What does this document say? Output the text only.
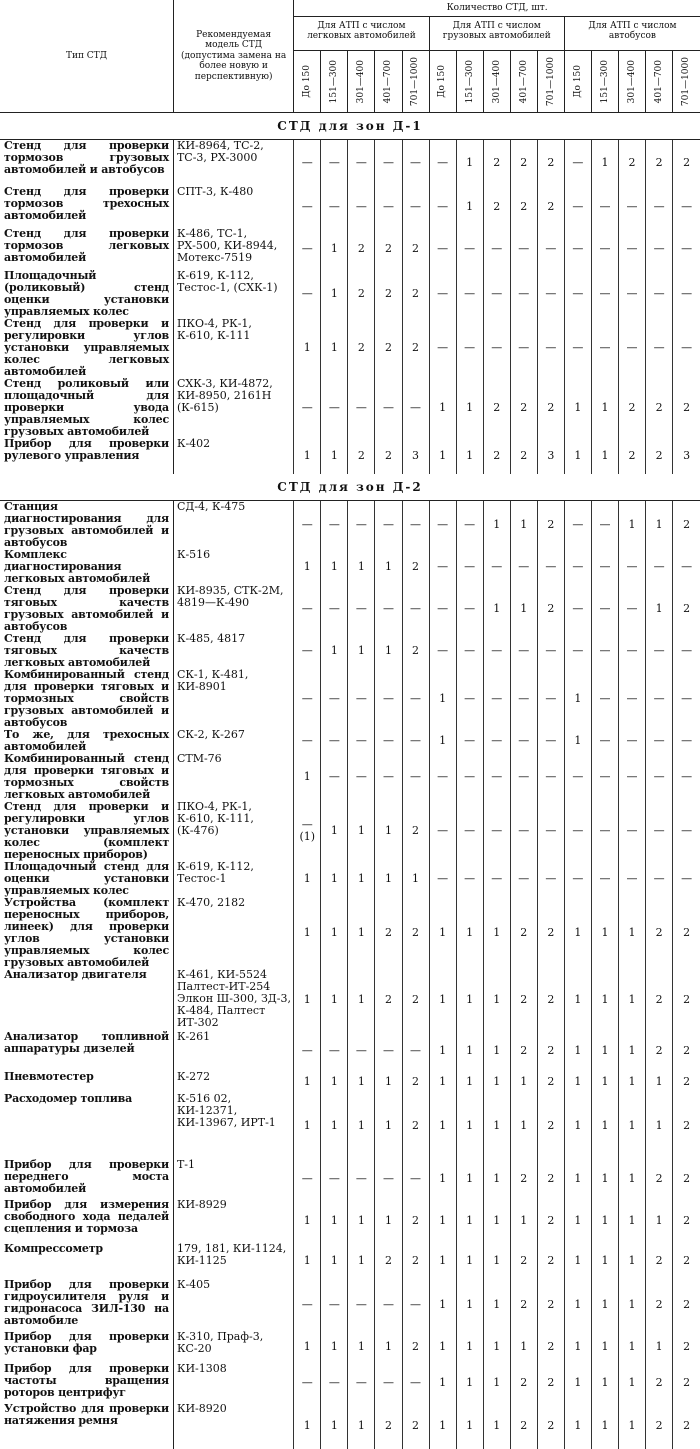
Тип СТД	Рекомендуемая модель СТД (допустима замена на более новую и перспективную)	Количество СТД, шт.														
		Для АТП с числом легковых автомобилей					Для АТП с числом грузовых автомобилей					Для АТП с числом автобусов				

		До 150	151—300	301—400	401—700	701—1000	До 150	151—300	301—400	401—700	701—1000	До 150	151—300	301—400	401—700	701—1000

СТД для зон Д-1																
Стенд для проверки тормозов грузовых автомобилей и автобусов	КИ-8964, ТС-2, ТС-3, РХ-3000	—	—	—	—	—	—	1	2	2	2	—	1	2	2	2
Стенд для проверки тормозов трехосных автомобилей	СПТ-3, К-480	—	—	—	—	—	—	1	2	2	2	—	—	—	—	—
Стенд для проверки тормозов легковых автомобилей	К-486, ТС-1, РХ-500, КИ-8944, Мотекс-7519	—	1	2	2	2	—	—	—	—	—	—	—	—	—	—
Площадочный (роликовый) стенд оценки установки управляемых колес	К-619, К-112, Тестос-1, (СХК-1)	—	1	2	2	2	—	—	—	—	—	—	—	—	—	—
Стенд для проверки и регулировки углов установки управляемых колес легковых автомобилей	ПКО-4, РК-1, К-610, К-111	1	1	2	2	2	—	—	—	—	—	—	—	—	—	—
Стенд роликовый или площадочный для проверки увода управляемых колес грузовых автомобилей	СХК-3, КИ-4872, КИ-8950, 2161Н (К-615)	—	—	—	—	—	1	1	2	2	2	1	1	2	2	2
Прибор для проверки рулевого управления	К-402	1	1	2	2	3	1	1	2	2	3	1	1	2	2	3
СТД для зон Д-2																
Станция диагностирования для грузовых автомобилей и автобусов	СД-4, К-475	—	—	—	—	—	—	—	1	1	2	—	—	1	1	2
Комплекс диагностирования легковых автомобилей	К-516	1	1	1	1	2	—	—	—	—	—	—	—	—	—	—
Стенд для проверки тяговых качеств грузовых автомобилей и автобусов	КИ-8935, СТК-2М, 4819—К-490	—	—	—	—	—	—	—	1	1	2	—	—	—	1	2
Стенд для проверки тяговых качеств легковых автомобилей	К-485, 4817	—	1	1	1	2	—	—	—	—	—	—	—	—	—	—
Комбинированный стенд для проверки тяговых и тормозных свойств грузовых автомобилей и автобусов	СК-1, К-481, КИ-8901	—	—	—	—	—	1	—	—	—	—	1	—	—	—	—
То же, для трехосных автомобилей	СК-2, К-267	—	—	—	—	—	1	—	—	—	—	1	—	—	—	—
Комбинированный стенд для проверки тяговых и тормозных свойств легковых автомобилей	СТМ-76	1	—	—	—	—	—	—	—	—	—	—	—	—	—	—
Стенд для проверки и регулировки углов установки управляемых колес (комплект переносных приборов)	ПКО-4, РК-1, К-610, К-111, (К-476)	— (1)	1	1	1	2	—	—	—	—	—	—	—	—	—	—
Площадочный стенд для оценки установки управляемых колес	К-619, К-112, Тестос-1	1	1	1	1	1	—	—	—	—	—	—	—	—	—	—
Устройства (комплект переносных приборов, линеек) для проверки углов установки управляемых колес грузовых автомобилей	К-470, 2182	1	1	1	2	2	1	1	1	2	2	1	1	1	2	2
Анализатор двигателя	К-461, КИ-5524 Палтест-ИТ-254 Элкон Ш-300, ЗД-3, К-484, Палтест ИТ-302	1	1	1	2	2	1	1	1	2	2	1	1	1	2	2
Анализатор топливной аппаратуры дизелей	К-261	—	—	—	—	—	1	1	1	2	2	1	1	1	2	2
Пневмотестер	К-272	1	1	1	1	2	1	1	1	1	2	1	1	1	1	2
Расходомер топлива	К-516 02, КИ-12371, КИ-13967, ИРТ-1	1	1	1	1	2	1	1	1	1	2	1	1	1	1	2
Прибор для проверки переднего моста автомобилей	Т-1	—	—	—	—	—	1	1	1	2	2	1	1	1	2	2
Прибор для измерения свободного хода педалей сцепления и тормоза	КИ-8929	1	1	1	1	2	1	1	1	1	2	1	1	1	1	2
Компрессометр	179, 181, КИ-1124, КИ-1125	1	1	1	2	2	1	1	1	2	2	1	1	1	2	2
Прибор для проверки гидроусилителя руля и гидронасоса ЗИЛ-130 на автомобиле	К-405	—	—	—	—	—	1	1	1	2	2	1	1	1	2	2
Прибор для проверки установки фар	К-310, Праф-3, КС-20	1	1	1	1	2	1	1	1	1	2	1	1	1	1	2
Прибор для проверки частоты вращения роторов центрифуг	КИ-1308	—	—	—	—	—	1	1	1	2	2	1	1	1	2	2
Устройство для проверки натяжения ремня	КИ-8920	1	1	1	2	2	1	1	1	2	2	1	1	1	2	2
